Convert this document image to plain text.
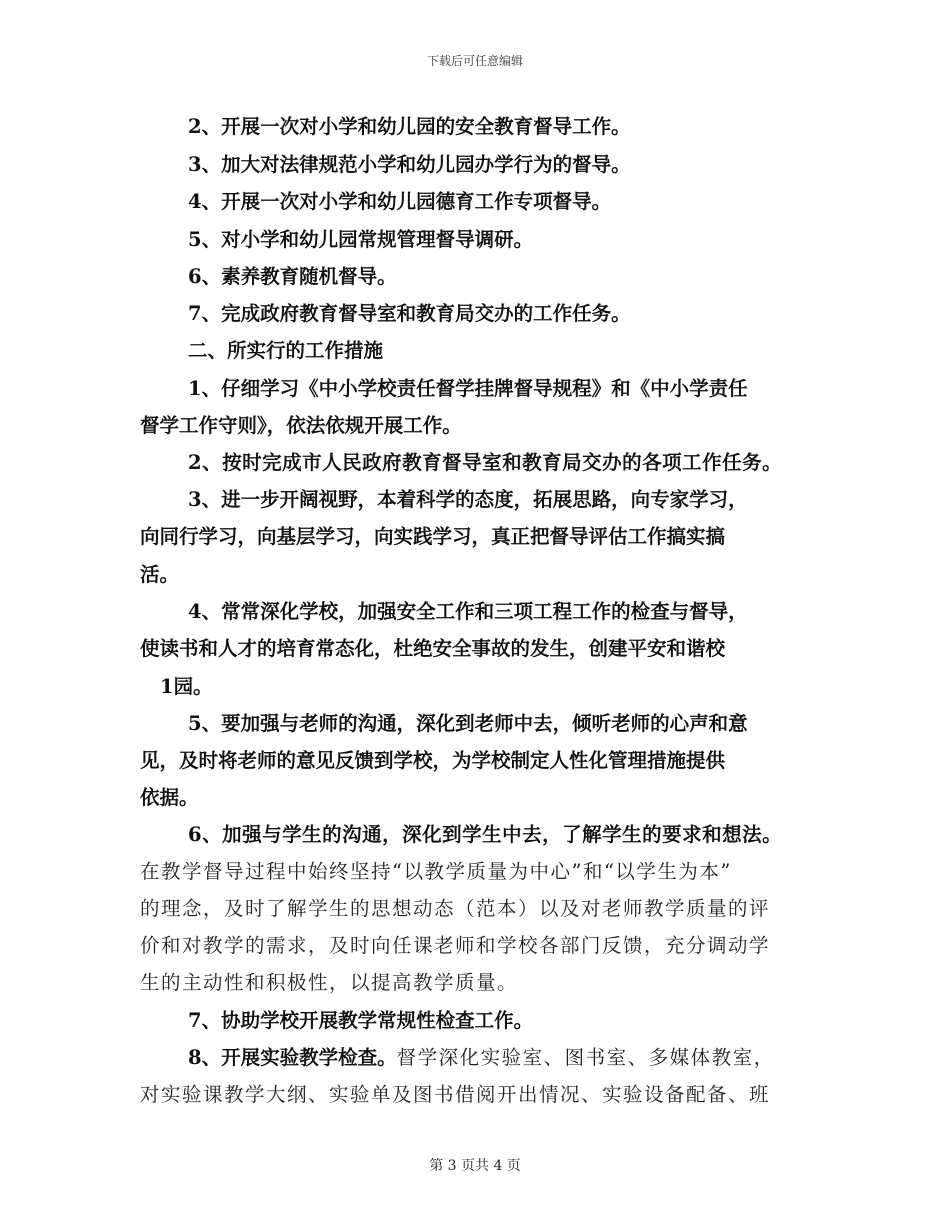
下载后可任意编辑
2、开展一次对小学和幼儿园的安全教育督导工作。
3、加大对法律规范小学和幼儿园办学行为的督导。
4、开展一次对小学和幼儿园德育工作专项督导。
5、对小学和幼儿园常规管理督导调研。
6、素养教育随机督导。
7、完成政府教育督导室和教育局交办的工作任务。
二、所实行的工作措施
1、仔细学习《中小学校责任督学挂牌督导规程》和《中小学责任
督学工作守则》，依法依规开展工作。
2、按时完成市人民政府教育督导室和教育局交办的各项工作任务。
3、进一步开阔视野，本着科学的态度，拓展思路，向专家学习，
向同行学习，向基层学习，向实践学习，真正把督导评估工作搞实搞
活。
4、常常深化学校，加强安全工作和三项工程工作的检查与督导，
使读书和人才的培育常态化，杜绝安全事故的发生，创建平安和谐校
1园。
5、要加强与老师的沟通，深化到老师中去，倾听老师的心声和意
见，及时将老师的意见反馈到学校，为学校制定人性化管理措施提供
依据。
6、加强与学生的沟通，深化到学生中去，了解学生的要求和想法。
在教学督导过程中始终坚持“以教学质量为中心”和“以学生为本”
的理念，及时了解学生的思想动态（范本）以及对老师教学质量的评
价和对教学的需求，及时向任课老师和学校各部门反馈，充分调动学
生的主动性和积极性，以提高教学质量。
7、协助学校开展教学常规性检查工作。
8、开展实验教学检查。督学深化实验室、图书室、多媒体教室，
对实验课教学大纲、实验单及图书借阅开出情况、实验设备配备、班
第 3 页共 4 页
